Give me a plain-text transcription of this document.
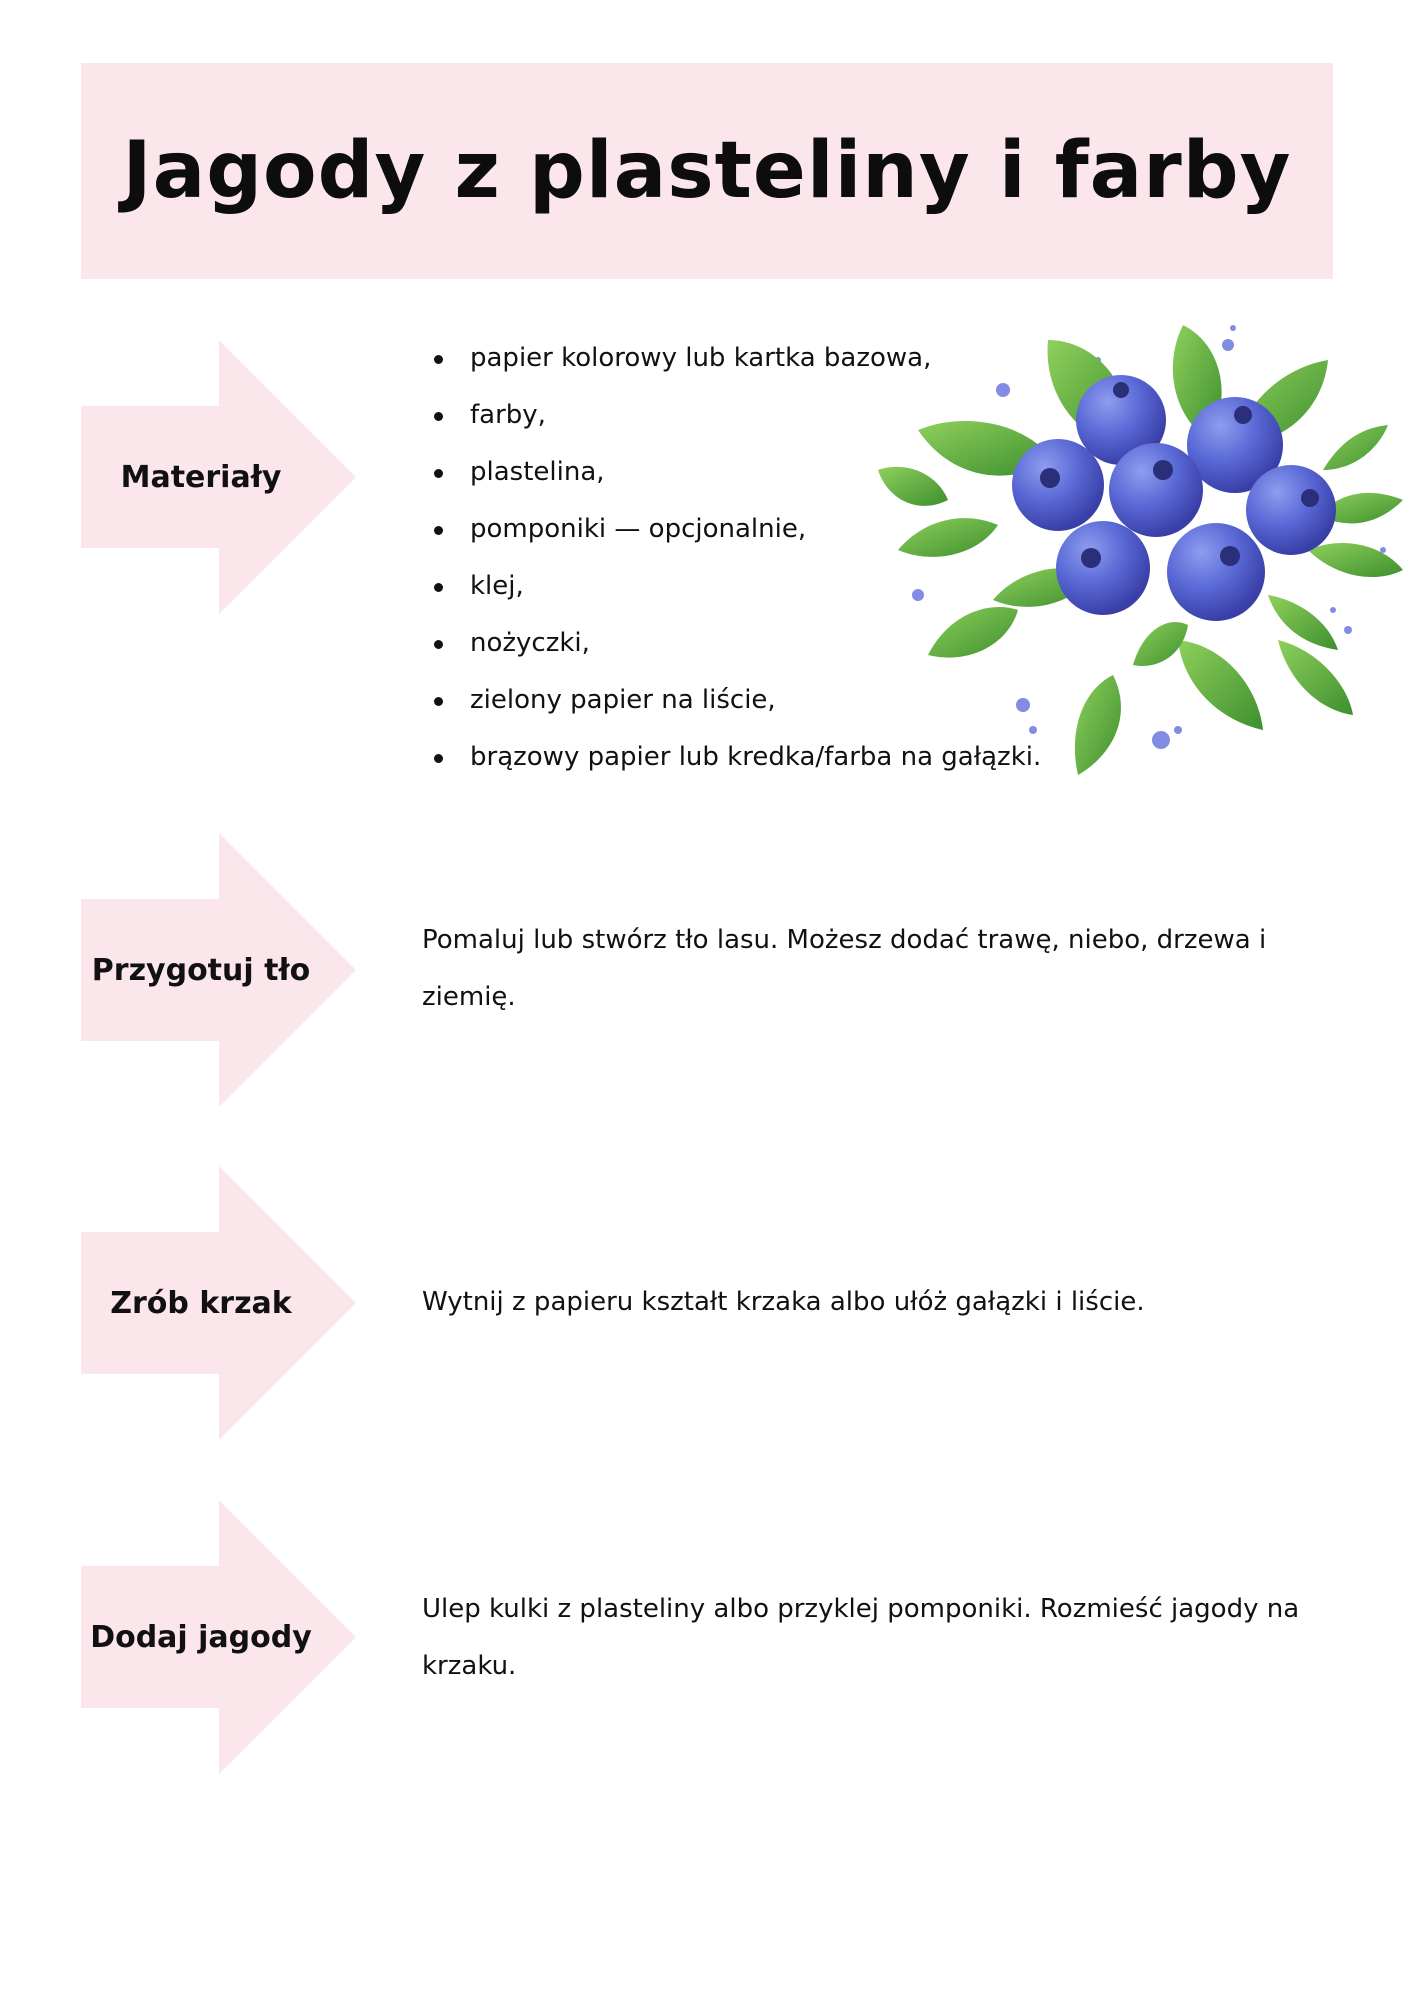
Jagody z plasteliny i farby
Materiały
papier kolorowy lub kartka bazowa,
farby,
plastelina,
pomponiki — opcjonalnie,
klej,
nożyczki,
zielony papier na liście,
brązowy papier lub kredka/farba na gałązki.
Przygotuj tło

Pomaluj lub stwórz tło lasu. Możesz dodać trawę, niebo, drzewa i ziemię.

Zrób krzak	Wytnij z papieru kształt krzaka albo ułóż gałązki i liście.

Dodaj jagody

Ulep kulki z plasteliny albo przyklej pomponiki. Rozmieść jagody na krzaku.
